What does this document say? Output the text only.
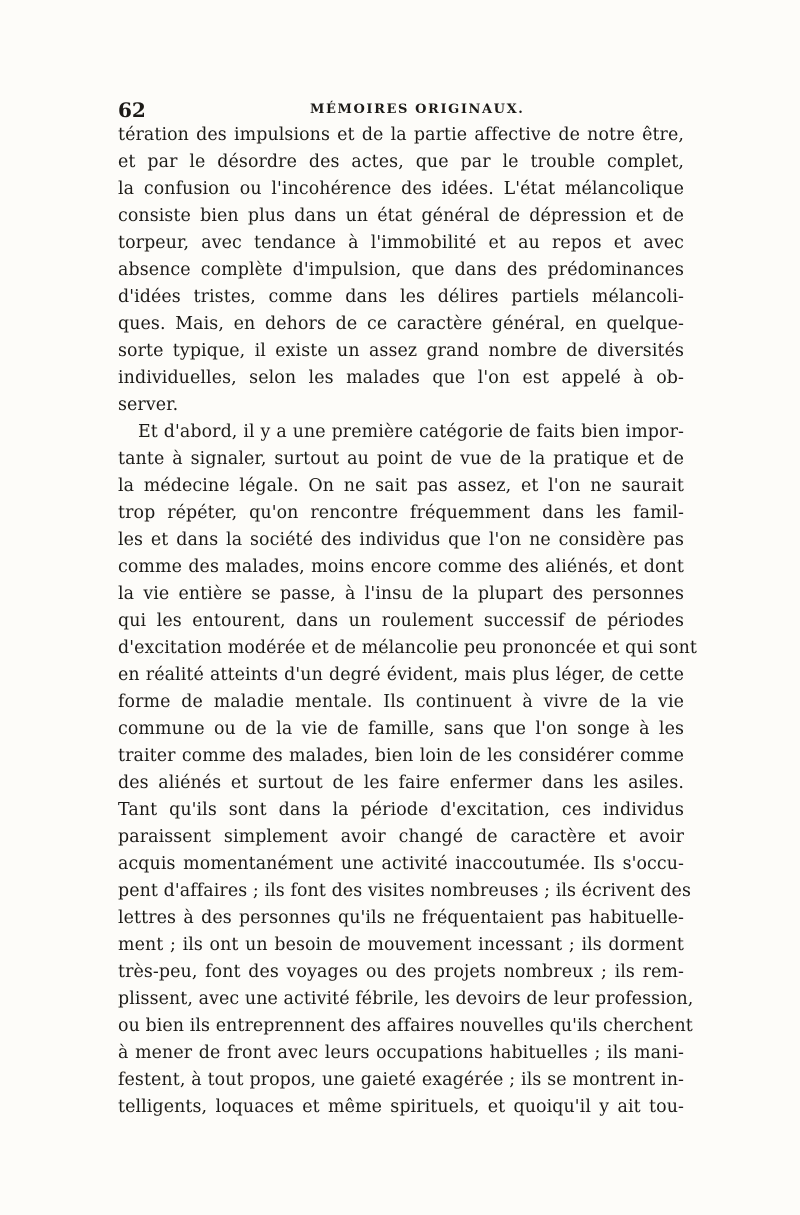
62	MÉMOIRES ORIGINAUX.
tération des impulsions et de la partie affective de notre être,
et par le désordre des actes, que par le trouble complet,
la confusion ou l'incohérence des idées. L'état mélancolique
consiste bien plus dans un état général de dépression et de
torpeur, avec tendance à l'immobilité et au repos et avec
absence complète d'impulsion, que dans des prédominances
d'idées tristes, comme dans les délires partiels mélancoli-
ques. Mais, en dehors de ce caractère général, en quelque-
sorte typique, il existe un assez grand nombre de diversités
individuelles, selon les malades que l'on est appelé à ob-
server.
Et d'abord, il y a une première catégorie de faits bien impor-
tante à signaler, surtout au point de vue de la pratique et de
la médecine légale. On ne sait pas assez, et l'on ne saurait
trop répéter, qu'on rencontre fréquemment dans les famil-
les et dans la société des individus que l'on ne considère pas
comme des malades, moins encore comme des aliénés, et dont
la vie entière se passe, à l'insu de la plupart des personnes
qui les entourent, dans un roulement successif de périodes
d'excitation modérée et de mélancolie peu prononcée et qui sont
en réalité atteints d'un degré évident, mais plus léger, de cette
forme de maladie mentale. Ils continuent à vivre de la vie
commune ou de la vie de famille, sans que l'on songe à les
traiter comme des malades, bien loin de les considérer comme
des aliénés et surtout de les faire enfermer dans les asiles.
Tant qu'ils sont dans la période d'excitation, ces individus
paraissent simplement avoir changé de caractère et avoir
acquis momentanément une activité inaccoutumée. Ils s'occu-
pent d'affaires ; ils font des visites nombreuses ; ils écrivent des
lettres à des personnes qu'ils ne fréquentaient pas habituelle-
ment ; ils ont un besoin de mouvement incessant ; ils dorment
très-peu, font des voyages ou des projets nombreux ; ils rem-
plissent, avec une activité fébrile, les devoirs de leur profession,
ou bien ils entreprennent des affaires nouvelles qu'ils cherchent
à mener de front avec leurs occupations habituelles ; ils mani-
festent, à tout propos, une gaieté exagérée ; ils se montrent in-
telligents, loquaces et même spirituels, et quoiqu'il y ait tou-
